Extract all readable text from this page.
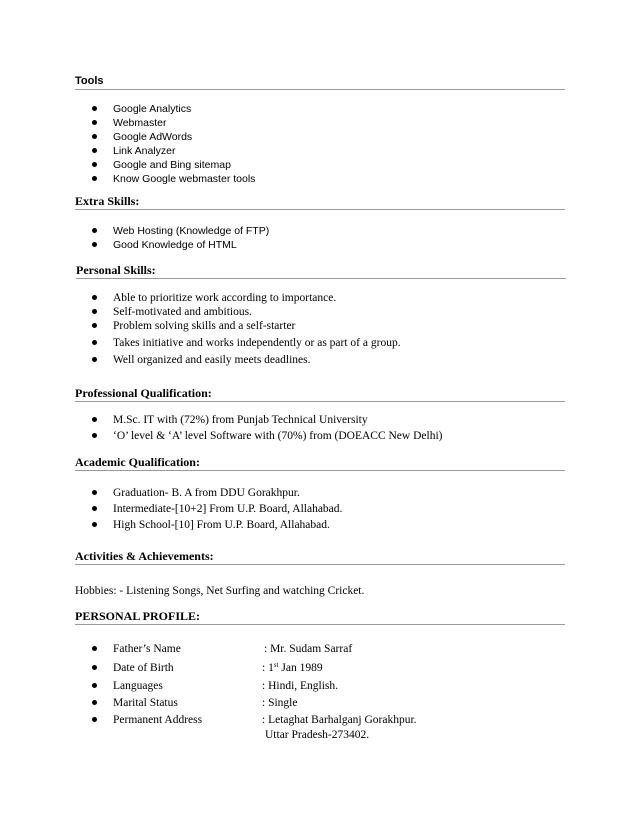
Tools
Google Analytics
Webmaster
Google AdWords
Link Analyzer
Google and Bing sitemap
Know Google webmaster tools
Extra Skills:
Web Hosting (Knowledge of FTP)
Good Knowledge of HTML
Personal Skills:
Able to prioritize work according to importance.
Self-motivated and ambitious.
Problem solving skills and a self-starter
Takes initiative and works independently or as part of a group.
Well organized and easily meets deadlines.
Professional Qualification:
M.Sc. IT with (72%) from Punjab Technical University
‘O’ level & ‘A’ level Software with (70%) from (DOEACC New Delhi)
Academic Qualification:
Graduation- B. A from DDU Gorakhpur.
Intermediate-[10+2] From U.P. Board, Allahabad.
High School-[10] From U.P. Board, Allahabad.
Activities & Achievements:
Hobbies: - Listening Songs, Net Surfing and watching Cricket.
PERSONAL PROFILE:
Father’s Name	: Mr. Sudam Sarraf
Date of Birth	: 1st Jan 1989
Languages	: Hindi, English.
Marital Status	: Single
Permanent Address	: Letaghat Barhalganj Gorakhpur.
Uttar Pradesh-273402.
